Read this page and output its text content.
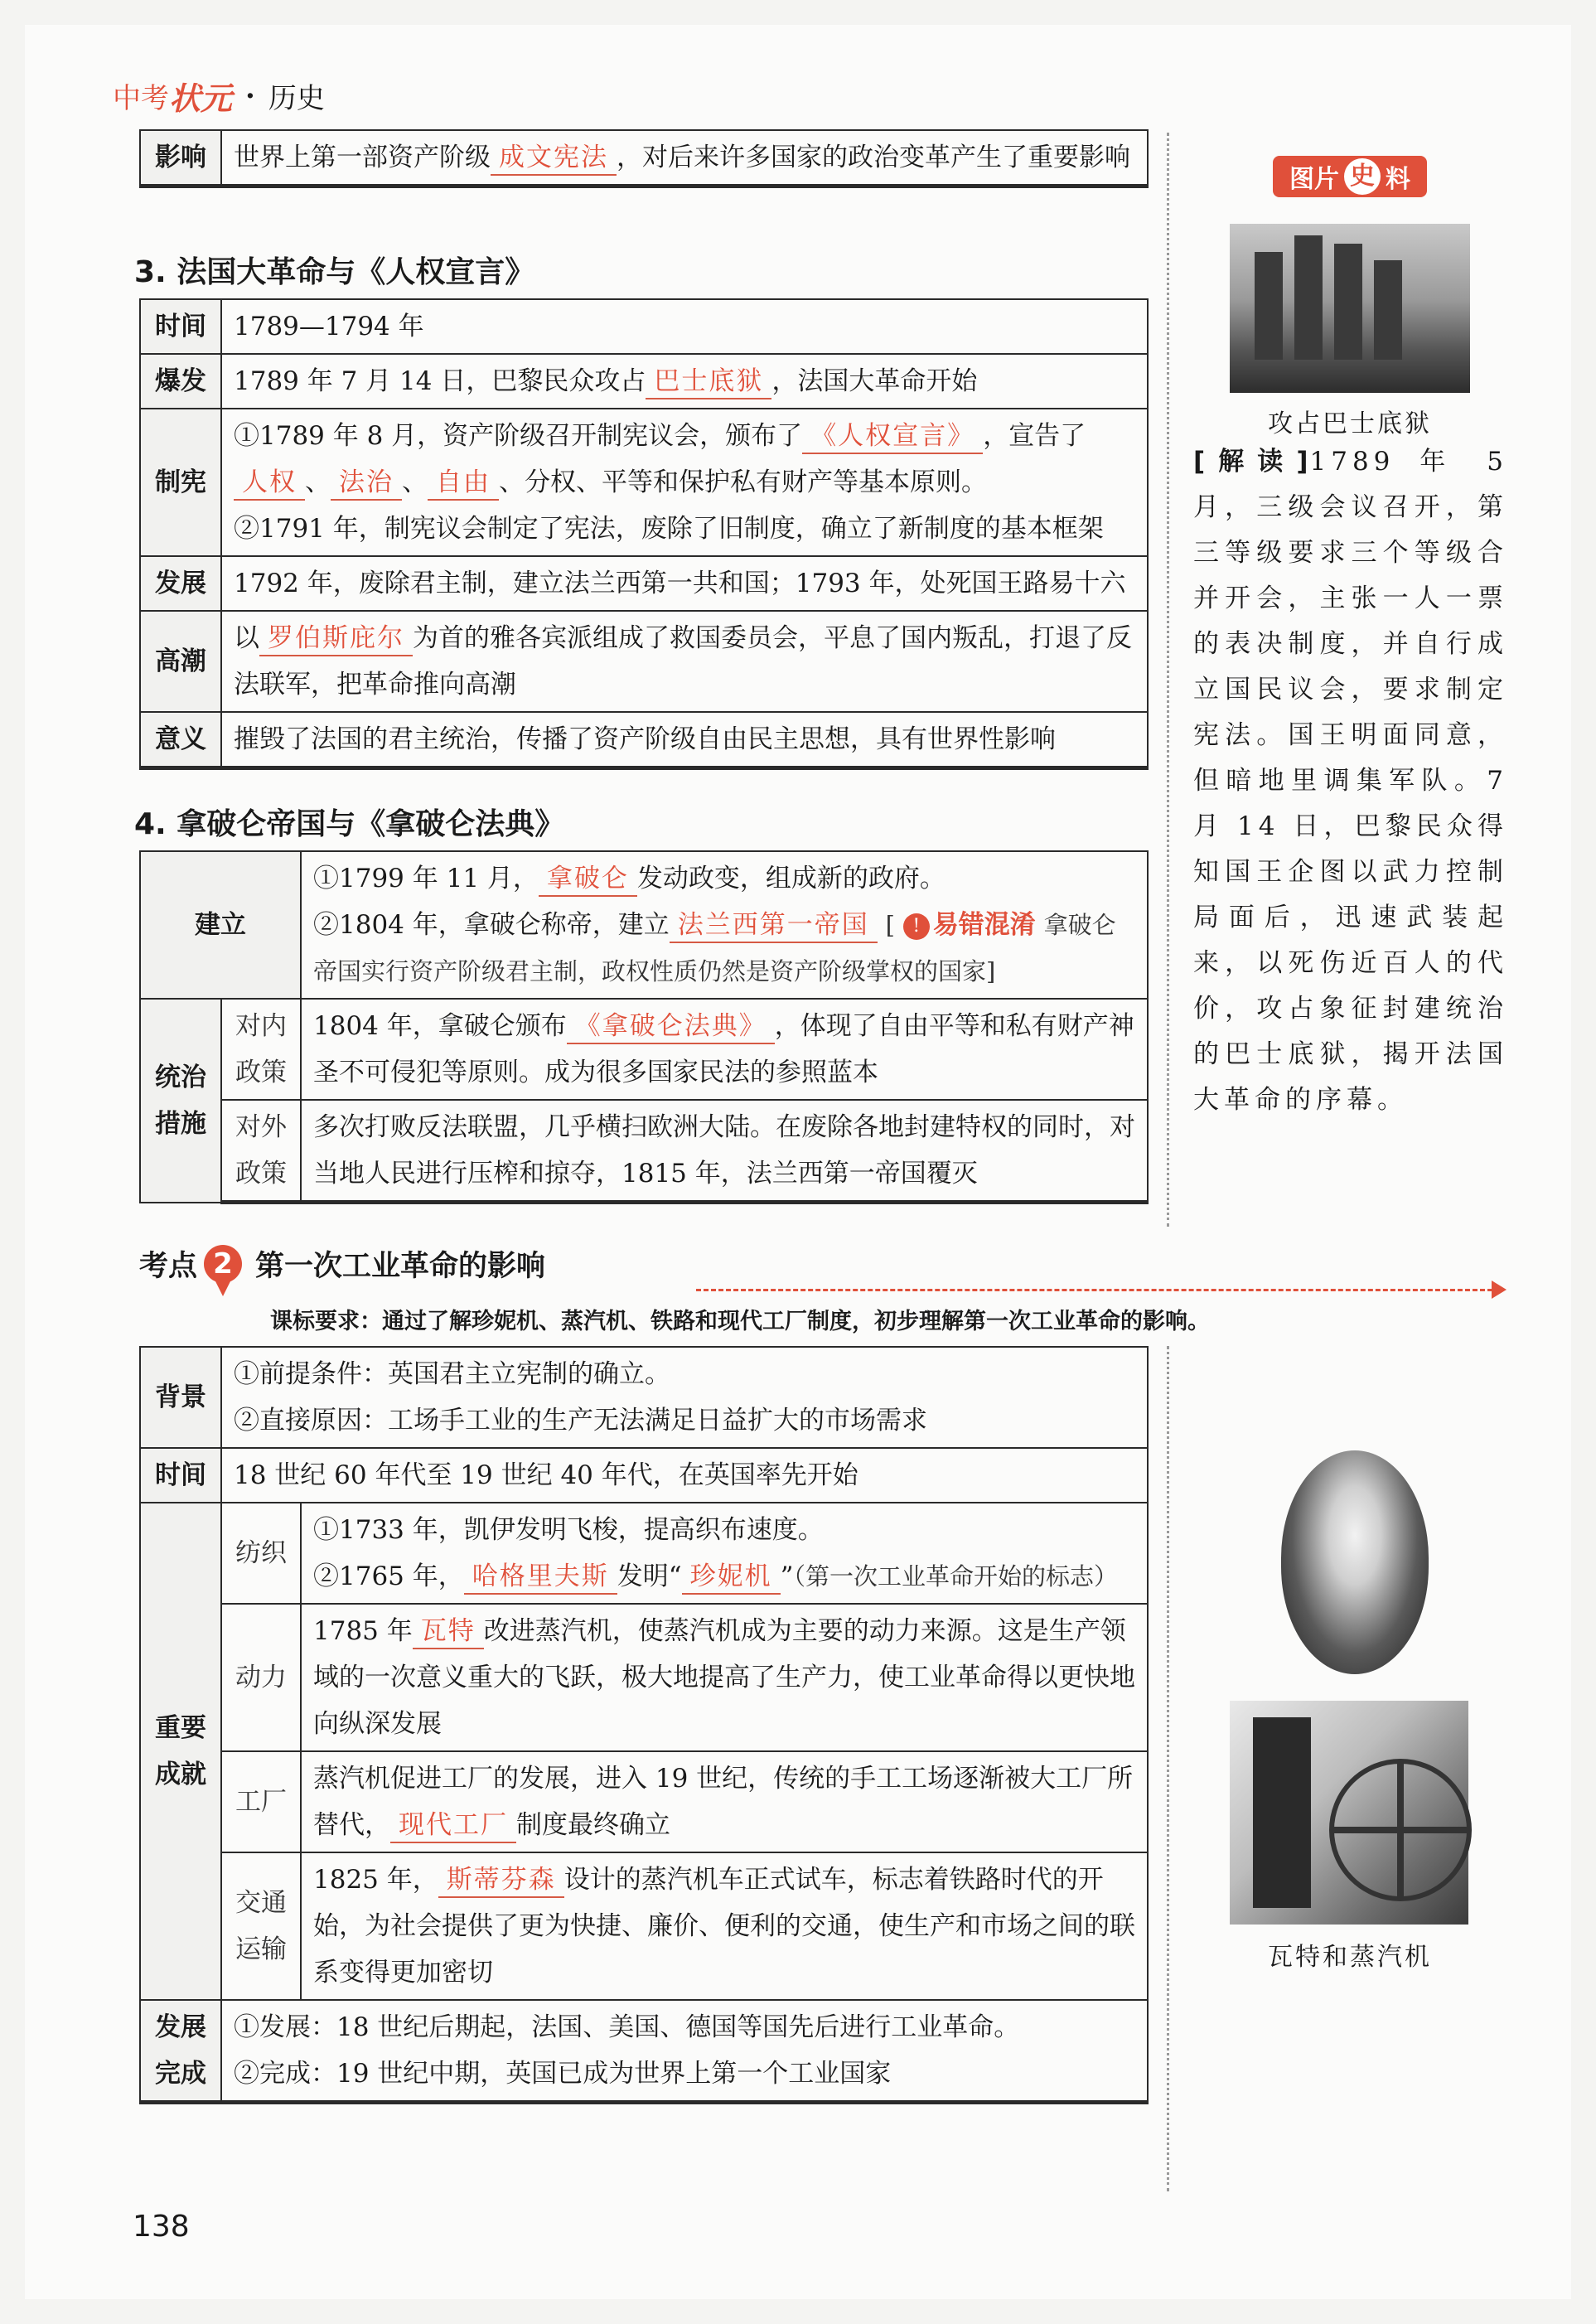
中考 状元 · 历史
影响	世界上第一部资产阶级 成文宪法 ，对后来许多国家的政治变革产生了重要影响
3. 法国大革命与《人权宣言》
时间	1789—1794 年
爆发	1789 年 7 月 14 日，巴黎民众攻占 巴士底狱 ，法国大革命开始
制宪	①1789 年 8 月，资产阶级召开制宪议会，颁布了 《人权宣言》 ，宣告了
人权 、 法治 、 自由 、分权、平等和保护私有财产等基本原则。
②1791 年，制宪议会制定了宪法，废除了旧制度，确立了新制度的基本框架
发展	1792 年，废除君主制，建立法兰西第一共和国；1793 年，处死国王路易十六
高潮	以 罗伯斯庇尔 为首的雅各宾派组成了救国委员会，平息了国内叛乱，打退了反法联军，把革命推向高潮
意义	摧毁了法国的君主统治，传播了资产阶级自由民主思想，具有世界性影响
4. 拿破仑帝国与《拿破仑法典》
建立		①1799 年 11 月， 拿破仑 发动政变，组成新的政府。
②1804 年，拿破仑称帝，建立 法兰西第一帝国 [ ! 易错混淆 拿破仑帝国实行资产阶级君主制，政权性质仍然是资产阶级掌权的国家]
统治措施	对内政策	1804 年，拿破仑颁布 《拿破仑法典》 ，体现了自由平等和私有财产神圣不可侵犯等原则。成为很多国家民法的参照蓝本
	对外政策	多次打败反法联盟，几乎横扫欧洲大陆。在废除各地封建特权的同时，对当地人民进行压榨和掠夺，1815 年，法兰西第一帝国覆灭
考点 2 第一次工业革命的影响
课标要求：通过了解珍妮机、蒸汽机、铁路和现代工厂制度，初步理解第一次工业革命的影响。
背景	①前提条件：英国君主立宪制的确立。
②直接原因：工场手工业的生产无法满足日益扩大的市场需求	
时间	18 世纪 60 年代至 19 世纪 40 年代，在英国率先开始	
重要成就	纺织	①1733 年，凯伊发明飞梭，提高织布速度。
②1765 年， 哈格里夫斯 发明“ 珍妮机 ”（第一次工业革命开始的标志）
	动力	1785 年 瓦特 改进蒸汽机，使蒸汽机成为主要的动力来源。这是生产领域的一次意义重大的飞跃，极大地提高了生产力，使工业革命得以更快地向纵深发展
	工厂	蒸汽机促进工厂的发展，进入 19 世纪，传统的手工工场逐渐被大工厂所替代， 现代工厂 制度最终确立
	交通运输	1825 年， 斯蒂芬森 设计的蒸汽机车正式试车，标志着铁路时代的开始，为社会提供了更为快捷、廉价、便利的交通，使生产和市场之间的联系变得更加密切
发展完成	①发展：18 世纪后期起，法国、美国、德国等国先后进行工业革命。
②完成：19 世纪中期，英国已成为世界上第一个工业国家	
图片 史 料
攻占巴士底狱
[解读]1789 年 5 月，三级会议召开，第三等级要求三个等级合并开会，主张一人一票的表决制度，并自行成立国民议会，要求制定宪法。国王明面同意，但暗地里调集军队。7 月 14 日，巴黎民众得知国王企图以武力控制局面后，迅速武装起来，以死伤近百人的代价，攻占象征封建统治的巴士底狱，揭开法国大革命的序幕。
瓦特和蒸汽机
138
